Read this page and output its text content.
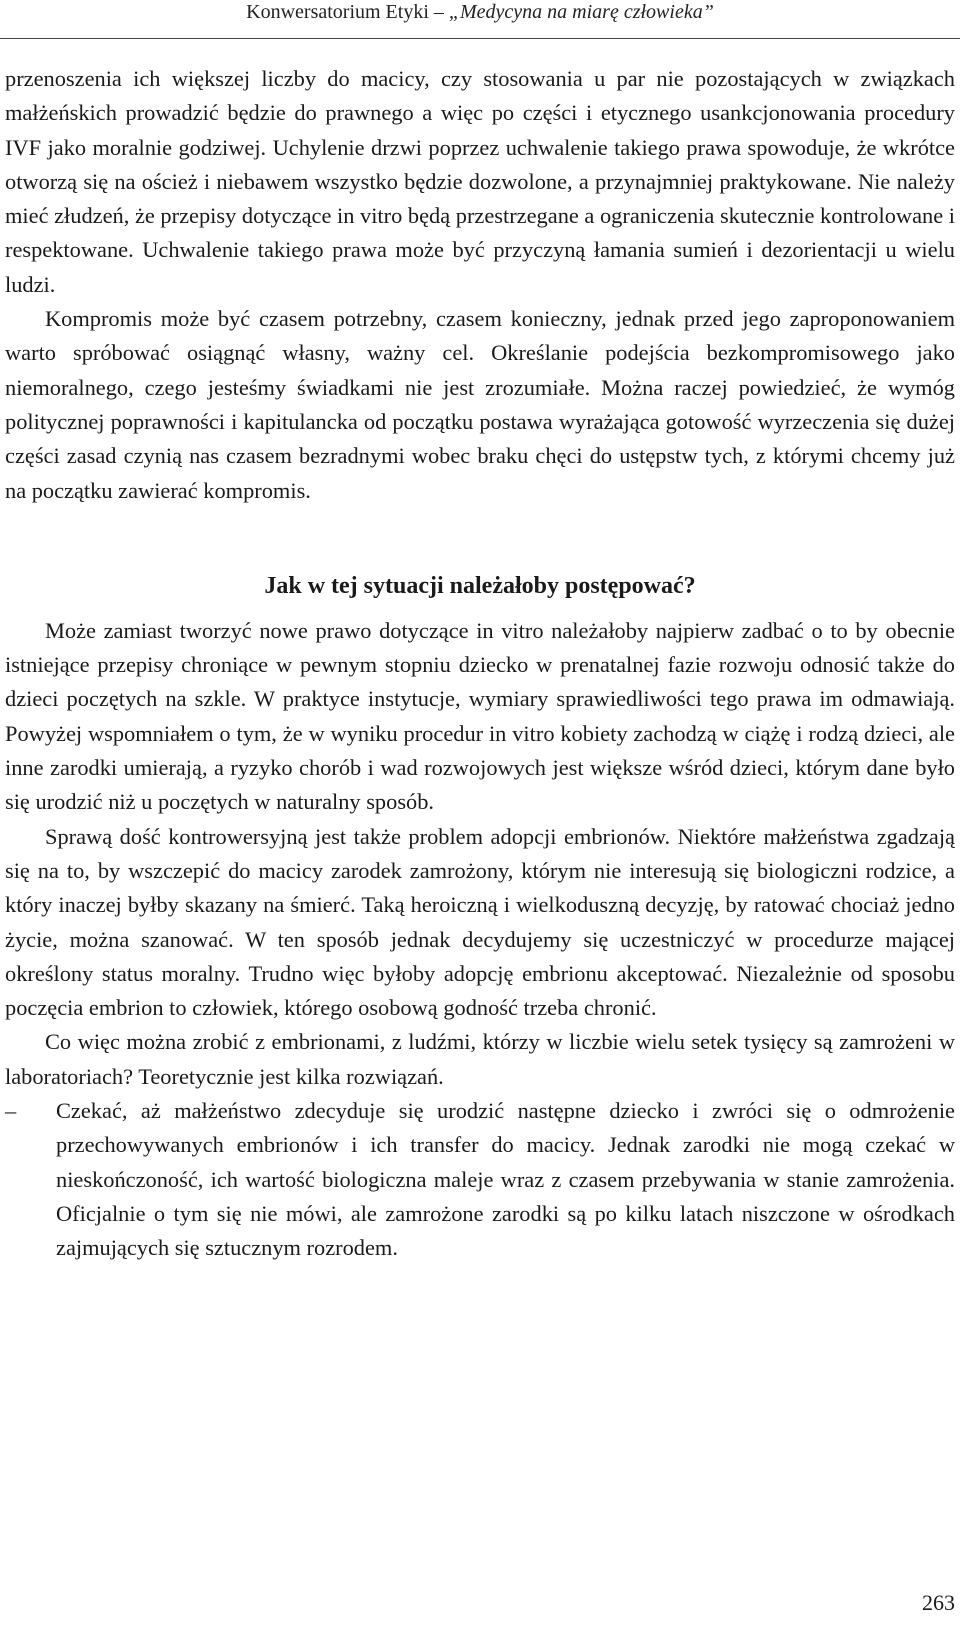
Konwersatorium Etyki – „Medycyna na miarę człowieka”

przenoszenia ich większej liczby do macicy, czy stosowania u par nie pozostających w związkach małżeńskich prowadzić będzie do prawnego a więc po części i etycznego usankcjonowania procedury IVF jako moralnie godziwej. Uchylenie drzwi poprzez uchwalenie takiego prawa spowoduje, że wkrótce otworzą się na oścież i niebawem wszystko będzie dozwolone, a przynajmniej praktykowane. Nie należy mieć złudzeń, że przepisy dotyczące in vitro będą przestrzegane a ograniczenia skutecznie kontrolowane i respektowane. Uchwalenie takiego prawa może być przyczyną łamania sumień i dezorientacji u wielu ludzi.

Kompromis może być czasem potrzebny, czasem konieczny, jednak przed jego zaproponowaniem warto spróbować osiągnąć własny, ważny cel. Określanie podejścia bezkompromisowego jako niemoralnego, czego jesteśmy świadkami nie jest zrozumiałe. Można raczej powiedzieć, że wymóg politycznej poprawności i kapitulancka od początku postawa wyrażająca gotowość wyrzeczenia się dużej części zasad czynią nas czasem bezradnymi wobec braku chęci do ustępstw tych, z którymi chcemy już na początku zawierać kompromis.

Jak w tej sytuacji należałoby postępować?

Może zamiast tworzyć nowe prawo dotyczące in vitro należałoby najpierw zadbać o to by obecnie istniejące przepisy chroniące w pewnym stopniu dziecko w prenatalnej fazie rozwoju odnosić także do dzieci poczętych na szkle. W praktyce instytucje, wymiary sprawiedliwości tego prawa im odmawiają. Powyżej wspomniałem o tym, że w wyniku procedur in vitro kobiety zachodzą w ciążę i rodzą dzieci, ale inne zarodki umierają, a ryzyko chorób i wad rozwojowych jest większe wśród dzieci, którym dane było się urodzić niż u poczętych w naturalny sposób.

Sprawą dość kontrowersyjną jest także problem adopcji embrionów. Niektóre małżeństwa zgadzają się na to, by wszczepić do macicy zarodek zamrożony, którym nie interesują się biologiczni rodzice, a który inaczej byłby skazany na śmierć. Taką heroiczną i wielkoduszną decyzję, by ratować chociaż jedno życie, można szanować. W ten sposób jednak decydujemy się uczestniczyć w procedurze mającej określony status moralny. Trudno więc byłoby adopcję embrionu akceptować. Niezależnie od sposobu poczęcia embrion to człowiek, którego osobową godność trzeba chronić.

Co więc można zrobić z embrionami, z ludźmi, którzy w liczbie wielu setek tysięcy są zamrożeni w laboratoriach? Teoretycznie jest kilka rozwiązań.

– Czekać, aż małżeństwo zdecyduje się urodzić następne dziecko i zwróci się o odmrożenie przechowywanych embrionów i ich transfer do macicy. Jednak zarodki nie mogą czekać w nieskończoność, ich wartość biologiczna maleje wraz z czasem przebywania w stanie zamrożenia. Oficjalnie o tym się nie mówi, ale zamrożone zarodki są po kilku latach niszczone w ośrodkach zajmujących się sztucznym rozrodem.
263
